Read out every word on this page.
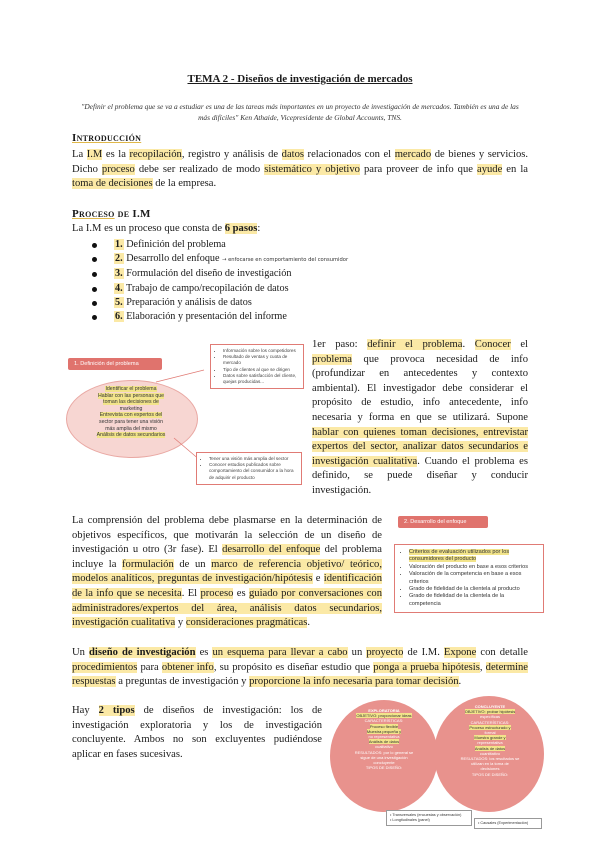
TEMA 2 - Diseños de investigación de mercados
"Definir el problema que se va a estudiar es una de las tareas más importantes en un proyecto de investigación de mercados. También es una de las más difíciles" Ken Athaide, Vicepresidente de Global Accounts, TNS.
Introducción
La I.M es la recopilación, registro y análisis de datos relacionados con el mercado de bienes y servicios. Dicho proceso debe ser realizado de modo sistemático y objetivo para proveer de info que ayude en la toma de decisiones de la empresa.
Proceso de I.M
La I.M es un proceso que consta de 6 pasos:
1. Definición del problema
2. Desarrollo del enfoque → enfocarse en comportamiento del consumidor
3. Formulación del diseño de investigación
4. Trabajo de campo/recopilación de datos
5. Preparación y análisis de datos
6. Elaboración y presentación del informe
1. Definición del problema
• Información sobre los competidores
• Resultado de ventas y cuota de mercado
• Tipo de clientes al que se dirigen
• Datos sobre satisfacción del cliente, quejas producidas...
Identificar el problema
Hablar con las personas que
toman las decisiones de
marketing
Entrevista con expertos del
sector para tener una visión
más amplia del mismo
Análisis de datos secundarios
• Tener una visión más amplia del sector
• Conocer estudios publicados sobre comportamiento del consumidor a la hora de adquirir el producto
1er paso: definir el problema. Conocer el problema que provoca necesidad de info (profundizar en antecedentes y contexto ambiental). El investigador debe considerar el propósito de estudio, info antecedente, info necesaria y forma en que se utilizará. Supone hablar con quienes toman decisiones, entrevistar expertos del sector, analizar datos secundarios e investigación cualitativa. Cuando el problema es definido, se puede diseñar y conducir investigación.
La comprensión del problema debe plasmarse en la determinación de objetivos específicos, que motivarán la selección de un diseño de investigación u otro (3r fase). El desarrollo del enfoque del problema incluye la formulación de un marco de referencia objetivo/ teórico, modelos analíticos, preguntas de investigación/hipótesis e identificación de la info que se necesita. El proceso es guiado por conversaciones con administradores/expertos del área, análisis datos secundarios, investigación cualitativa y consideraciones pragmáticas.
2. Desarrollo del enfoque
• Criterios de evaluación utilizados por los consumidores del producto
• Valoración del producto en base a esos criterios
• Valoración de la competencia en base a esos criterios
• Grado de fidelidad de la clientela al producto
• Grado de fidelidad de la clientela de la competencia
Un diseño de investigación es un esquema para llevar a cabo un proyecto de I.M. Expone con detalle procedimientos para obtener info, su propósito es diseñar estudio que ponga a prueba hipótesis, determine respuestas a preguntas de investigación y proporcione la info necesaria para tomar decisión.
Hay 2 tipos de diseños de investigación: los de investigación exploratoria y los de investigación concluyente. Ambos no son excluyentes pudiéndose aplicar en fases sucesivas.
EXPLORATORIA
OBJETIVO: proporcionar ideas
CARACTERÍSTICAS:
Proceso flexible
Muestra pequeña y
no representativa
Análisis de datos
cualitativo
RESULTADOS: por lo general se
sigue de una investigación
concluyente
TIPOS DE DISEÑO:
CONCLUYENTE
OBJETIVO: probar hipótesis
específicas
CARACTERÍSTICAS:
Proceso estructurado y
formal
Muestra grande y
representativa
Análisis de datos
cuantitativo
RESULTADOS: los resultados se
utilizan en la toma de
decisiones
TIPOS DE DISEÑO:
• Transversales (encuestas y observación)
• Longitudinales (panel)
• Causales (Experimentación)
